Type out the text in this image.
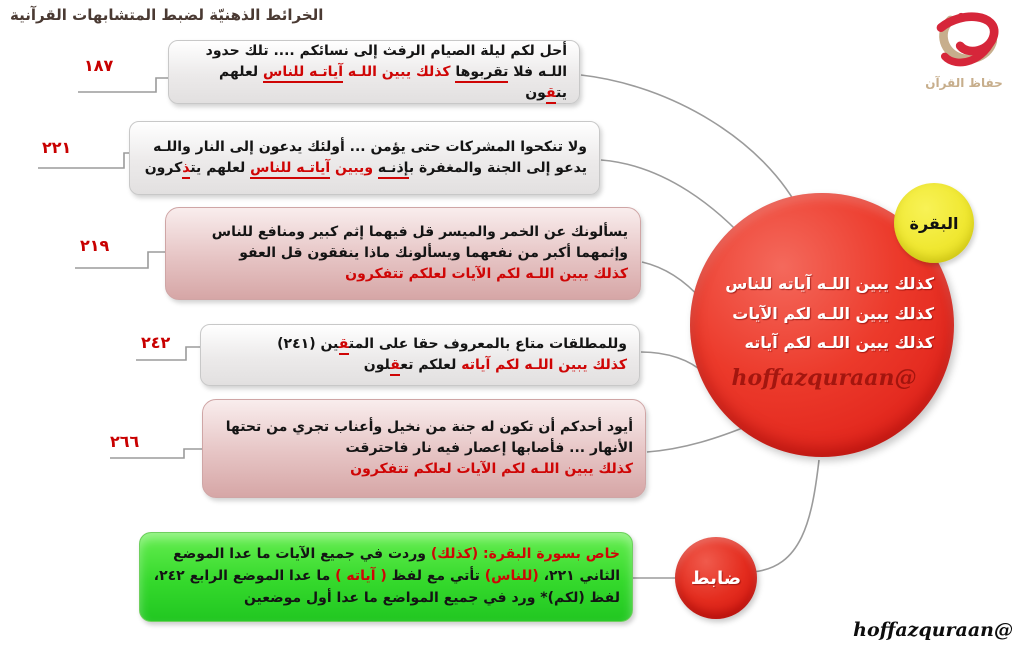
الخرائط الذهنيّة لضبط المتشابهات القرآنية
حفاظ القرآن
١٨٧
٢٢١
٢١٩
٢٤٢
٢٦٦
أحل لكم ليلة الصيام الرفث إلى نسائكم .... تلك حدود اللـه فلا تقربوها كذلك يبين اللـه آياتـه للناس لعلهم يت‍‍ق‍‍ون
ولا تنكحوا المشركات حتى يؤمن ... أولئك يدعون إلى النار واللـه يدعو إلى الجنة والمغفرة ب‍إذنـه ويبين آياتـه للناس لعلهم يت‍‍ذكرون
يسألونك عن الخمر والميسر قل فيهما إثم كبير ومنافع للناس وإثمهما أكبر من نفعهما ويسألونك ماذا ينفقون قل العفو
كذلك يبين اللـه لكم الآيات لعلكم تتفكرون
وللمطلقات متاع بالمعروف حقا على المت‍‍ق‍‍ين (٢٤١)
كذلك يبين اللـه لكم آياته لعلكم تع‍‍ق‍‍لون
أيود أحدكم أن تكون له جنة من نخيل وأعناب تجري من تحتها الأنهار ... فأصابها إعصار فيه نار فاحترقت
كذلك يبين اللـه لكم الآيات لعلكم تتفكرون
خاص بسورة البقرة: (كذلك) وردت في جميع الآيات ما عدا الموضع الثاني ٢٢١، (للناس) تأتي مع لفظ ( آياته ) ما عدا الموضع الرابع ٢٤٢، لفظ (لكم)* ورد في جميع المواضع ما عدا أول موضعين
كذلك يبين اللـه آياته للناس
كذلك يبين اللـه لكم الآيات
كذلك يبين اللـه لكم آياته
@hoffazquraan
البقرة
ضابط
@hoffazquraan
